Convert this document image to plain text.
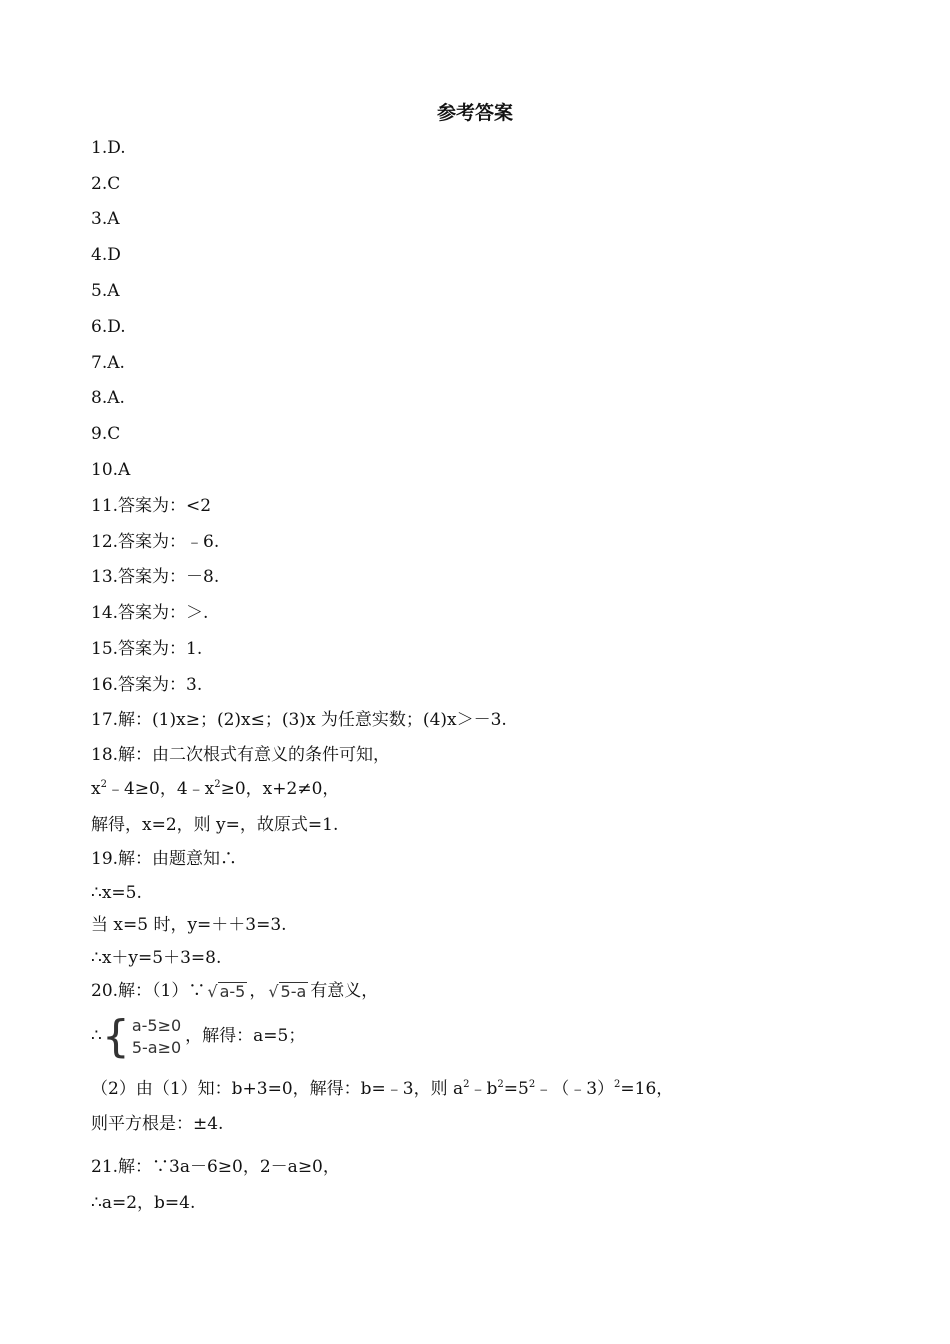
参考答案
1.D.
2.C
3.A
4.D
5.A
6.D.
7.A.
8.A.
9.C
10.A
11.答案为：<2
12.答案为：﹣6.
13.答案为：－8.
14.答案为：＞.
15.答案为：1.
16.答案为：3.
17.解：(1)x≥；(2)x≤；(3)x 为任意实数；(4)x＞－3.
18.解：由二次根式有意义的条件可知，
$x^2﹣4\ge 0$，$4﹣x^2\ge 0$，x+2≠0，
解得，x=2，则 y=，故原式=1.
19.解：由题意知∴
∴x=5.
当 x=5 时，y=＋＋3=3.
∴x＋y=5＋3=8.
20.解：（1）∵ √ a-5 ， √ 5-a 有意义，
∴ { a-5≥0
5-a≥0
，解得：a=5；
（2）由（1）知：b+3=0，解得：b=﹣3，则 $a^2﹣b^2=5^2﹣(﹣3)^2=16$，
则平方根是：±4.
21.解：∵3a－6≥0，2－a≥0，
∴a=2，b=4.
